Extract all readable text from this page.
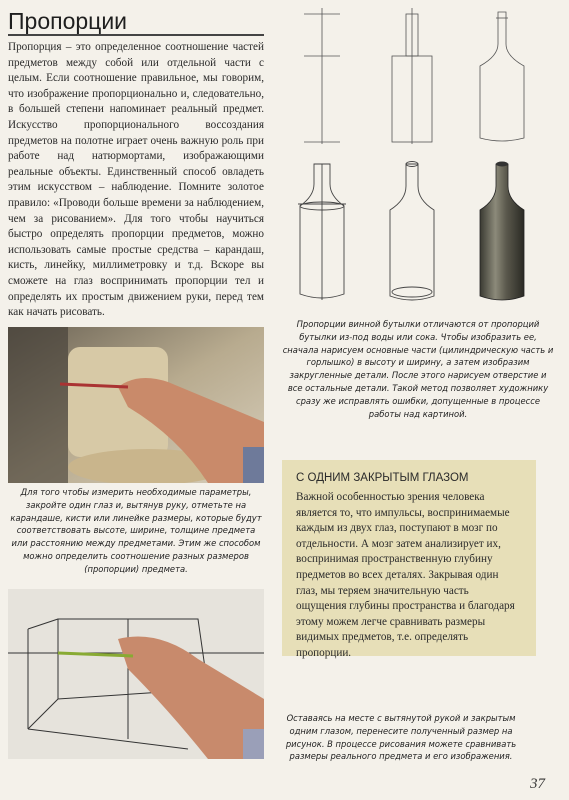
Пропорции
Пропорция – это определенное соотношение частей предметов между собой или отдельной части с целым. Если соотношение правильное, мы говорим, что изображение пропорционально и, следовательно, в большей степени напоминает реальный предмет. Искусство пропорционального воссоздания предметов на полотне играет очень важную роль при работе над натюрмортами, изображающими реальные объекты. Единственный способ овладеть этим искусством – наблюдение. Помните золотое правило: «Проводи больше времени за наблюдением, чем за рисованием». Для того чтобы научиться быстро определять пропорции предметов, можно использовать самые простые средства – карандаш, кисть, линейку, миллиметровку и т.д. Вскоре вы сможете на глаз воспринимать пропорции тел и определять их простым движением руки, перед тем как начать рисовать.
Пропорции винной бутылки отличаются от пропорций бутылки из-под воды или сока. Чтобы изобразить ее, сначала нарисуем основные части (цилиндрическую часть и горлышко) в высоту и ширину, а затем изобразим закругленные детали. После этого нарисуем отверстие и все остальные детали. Такой метод позволяет художнику сразу же исправлять ошибки, допущенные в процессе работы над картиной.
Для того чтобы измерить необходимые параметры, закройте один глаз и, вытянув руку, отметьте на карандаше, кисти или линейке размеры, которые будут соответствовать высоте, ширине, толщине предмета или расстоянию между предметами. Этим же способом можно определить соотношение разных размеров (пропорции) предмета.
С ОДНИМ ЗАКРЫТЫМ ГЛАЗОМ
Важной особенностью зрения человека является то, что импульсы, воспринимаемые каждым из двух глаз, поступают в мозг по отдельности. А мозг затем анализирует их, воспринимая пространственную глубину предметов во всех деталях. Закрывая один глаз, мы теряем значительную часть ощущения глубины пространства и благодаря этому можем легче сравнивать размеры видимых предметов, т.е. определять пропорции.
Оставаясь на месте с вытянутой рукой и закрытым одним глазом, перенесите полученный размер на рисунок. В процессе рисования можете сравнивать размеры реального предмета и его изображения.
37
